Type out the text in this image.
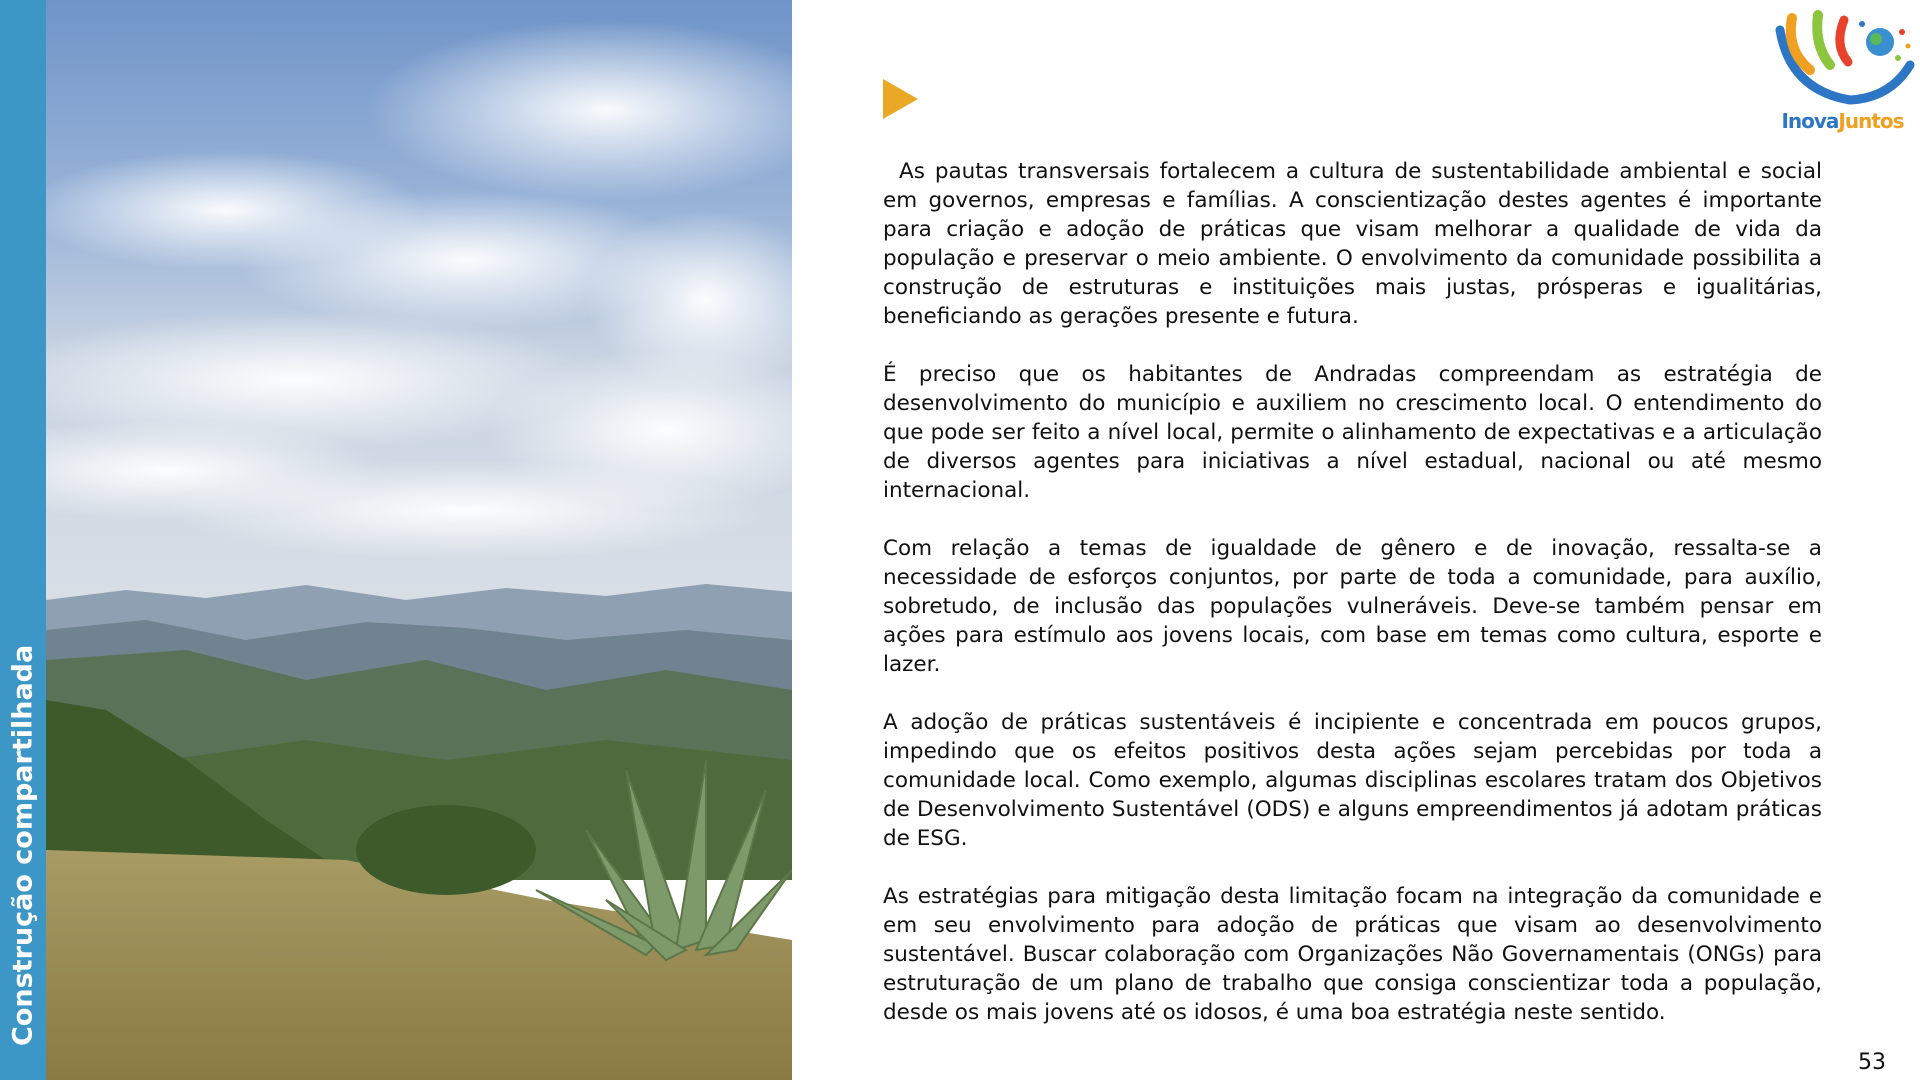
Construção compartilhada
InovaJuntos

As pautas transversais fortalecem a cultura de sustentabilidade ambiental e social em governos, empresas e famílias. A conscientização destes agentes é importante para criação e adoção de práticas que visam melhorar a qualidade de vida da população e preservar o meio ambiente. O envolvimento da comunidade possibilita a construção de estruturas e instituições mais justas, prósperas e igualitárias, beneficiando as gerações presente e futura.

É preciso que os habitantes de Andradas compreendam as estratégia de desenvolvimento do município e auxiliem no crescimento local. O entendimento do que pode ser feito a nível local, permite o alinhamento de expectativas e a articulação de diversos agentes para iniciativas a nível estadual, nacional ou até mesmo internacional.

Com relação a temas de igualdade de gênero e de inovação, ressalta-se a necessidade de esforços conjuntos, por parte de toda a comunidade, para auxílio, sobretudo, de inclusão das populações vulneráveis. Deve-se também pensar em ações para estímulo aos jovens locais, com base em temas como cultura, esporte e lazer.

A adoção de práticas sustentáveis é incipiente e concentrada em poucos grupos, impedindo que os efeitos positivos desta ações sejam percebidas por toda a comunidade local. Como exemplo, algumas disciplinas escolares tratam dos Objetivos de Desenvolvimento Sustentável (ODS) e alguns empreendimentos já adotam práticas de ESG.

As estratégias para mitigação desta limitação focam na integração da comunidade e em seu envolvimento para adoção de práticas que visam ao desenvolvimento sustentável. Buscar colaboração com Organizações Não Governamentais (ONGs) para estruturação de um plano de trabalho que consiga conscientizar toda a população, desde os mais jovens até os idosos, é uma boa estratégia neste sentido.

53
